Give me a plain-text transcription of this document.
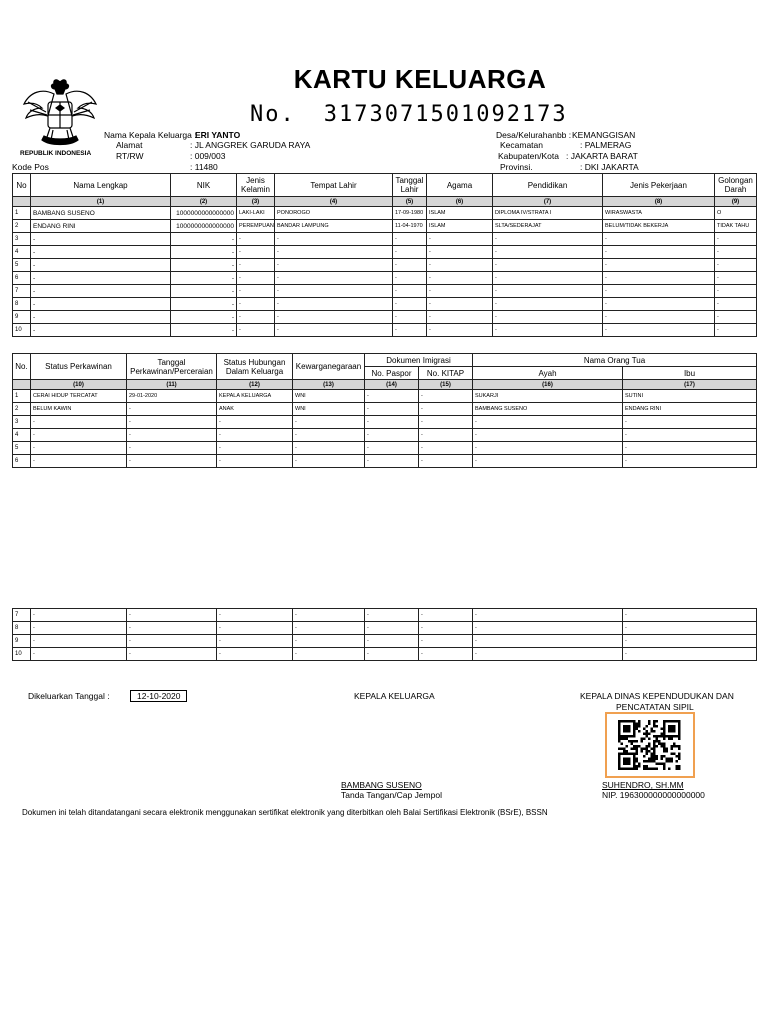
REPUBLIK INDONESIA
KARTU KELUARGA
No. 3173071501092173
Nama Kepala Keluarga :
ERI YANTO
Alamat	: JL ANGGREK GARUDA RAYA
RT/RW	: 009/003
Kode Pos	: 11480
Desa/Kelurahanbb : KEMANGGISAN
Kecamatan	: PALMERAG
Kabupaten/Kota : JAKARTA BARAT
Provinsi.	: DKI JAKARTA
No	Nama Lengkap	NIK	Jenis Kelamin	Tempat Lahir	Tanggal Lahir	Agama	Pendidikan	Jenis Pekerjaan	Golongan Darah
	(1)	(2)	(3)	(4)	(5)	(6)	(7)	(8)	(9)
1	BAMBANG SUSENO	1000000000000000	LAKI-LAKI	PONOROGO	17-09-1980	ISLAM	DIPLOMA IV/STRATA I	WIRASWASTA	O
2	ENDANG RINI	1000000000000000	PEREMPUAN	BANDAR LAMPUNG	11-04-1970	ISLAM	SLTA/SEDERAJAT	BELUM/TIDAK BEKERJA	TIDAK TAHU
3	-	-	-	-	-	-	-	-	-
4	-	-	-	-	-	-	-	-	-
5	-	-	-	-	-	-	-	-	-
6	-	-	-	-	-	-	-	-	-
7	-	-	-	-	-	-	-	-	-
8	-	-	-	-	-	-	-	-	-
9	-	-	-	-	-	-	-	-	-
10	-	-	-	-	-	-	-	-	-
No.	Status Perkawinan	Tanggal Perkawinan/Perceraian	Status Hubungan Dalam Keluarga	Kewarganegaraan	Dokumen Imigrasi		Nama Orang Tua	
					No. Paspor	No. KITAP	Ayah	Ibu
	(10)	(11)	(12)	(13)	(14)	(15)	(16)	(17)
1	CERAI HIDUP TERCATAT	29-01-2020	KEPALA KELUARGA	WNI	-	-	SUKARJI	SUTINI
2	BELUM KAWIN	-	ANAK	WNI	-	-	BAMBANG SUSENO	ENDANG RINI
3	-	-	-	-	-	-	-	-
4	-	-	-	-	-	-	-	-
5	-	-	-	-	-	-	-	-
6	-	-	-	-	-	-	-	-
7	-	-	-	-	-	-	-	-
8	-	-	-	-	-	-	-	-
9	-	-	-	-	-	-	-	-
10	-	-	-	-	-	-	-	-
Dikeluarkan Tanggal :	12-10-2020	KEPALA KELUARGA	KEPALA DINAS KEPENDUDUKAN DAN
PENCATATAN SIPIL
BAMBANG SUSENO
Tanda Tangan/Cap Jempol
SUHENDRO, SH.MM
NIP. 196300000000000000
Dokumen ini telah ditandatangani secara elektronik menggunakan sertifikat elektronik yang diterbitkan oleh Balai Sertifikasi Elektronik (BSrE), BSSN
